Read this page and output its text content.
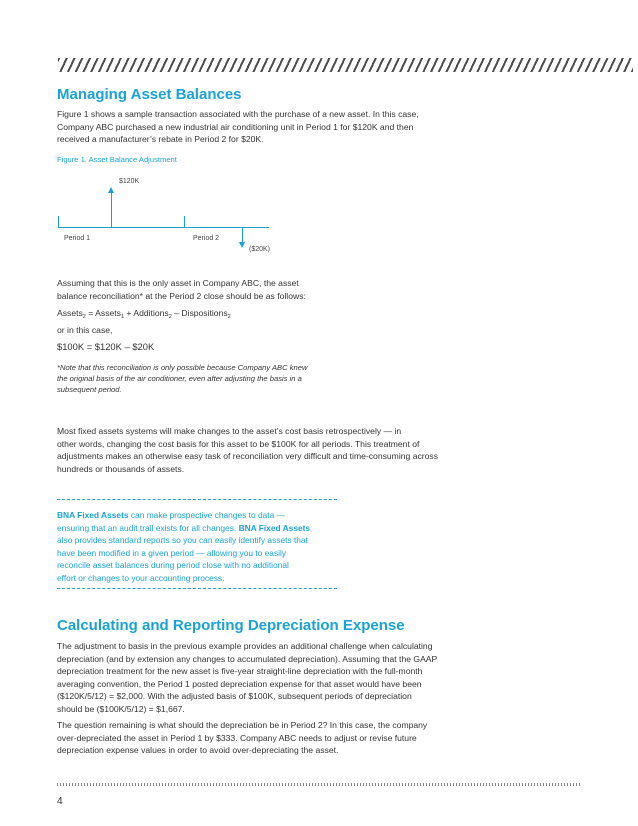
Managing Asset Balances

Figure 1 shows a sample transaction associated with the purchase of a new asset. In this case,
Company ABC purchased a new industrial air conditioning unit in Period 1 for $120K and then
received a manufacturer’s rebate in Period 2 for $20K.

Figure 1. Asset Balance Adjustment

$120K
Period 1	Period 2
($20K)

Assuming that this is the only asset in Company ABC, the asset
balance reconciliation* at the Period 2 close should be as follows:

Assets$_2$ = Assets$_1$ + Additions$_2$ – Dispositions$_2$

or in this case,

$100K = $120K – $20K

*Note that this reconciliation is only possible because Company ABC knew
the original basis of the air conditioner, even after adjusting the basis in a
subsequent period.

Most fixed assets systems will make changes to the asset’s cost basis retrospectively — in
other words, changing the cost basis for this asset to be $100K for all periods. This treatment of
adjustments makes an otherwise easy task of reconciliation very difficult and time-consuming across
hundreds or thousands of assets.

BNA Fixed Assets can make prospective changes to data —
ensuring that an audit trail exists for all changes. BNA Fixed Assets
also provides standard reports so you can easily identify assets that
have been modified in a given period — allowing you to easily
reconcile asset balances during period close with no additional
effort or changes to your accounting process.

Calculating and Reporting Depreciation Expense

The adjustment to basis in the previous example provides an additional challenge when calculating
depreciation (and by extension any changes to accumulated depreciation). Assuming that the GAAP
depreciation treatment for the new asset is five-year straight-line depreciation with the full-month
averaging convention, the Period 1 posted depreciation expense for that asset would have been
($120K/5/12) = $2,000. With the adjusted basis of $100K, subsequent periods of depreciation
should be ($100K/5/12) = $1,667.

The question remaining is what should the depreciation be in Period 2? In this case, the company
over-depreciated the asset in Period 1 by $333. Company ABC needs to adjust or revise future
depreciation expense values in order to avoid over-depreciating the asset.

4
